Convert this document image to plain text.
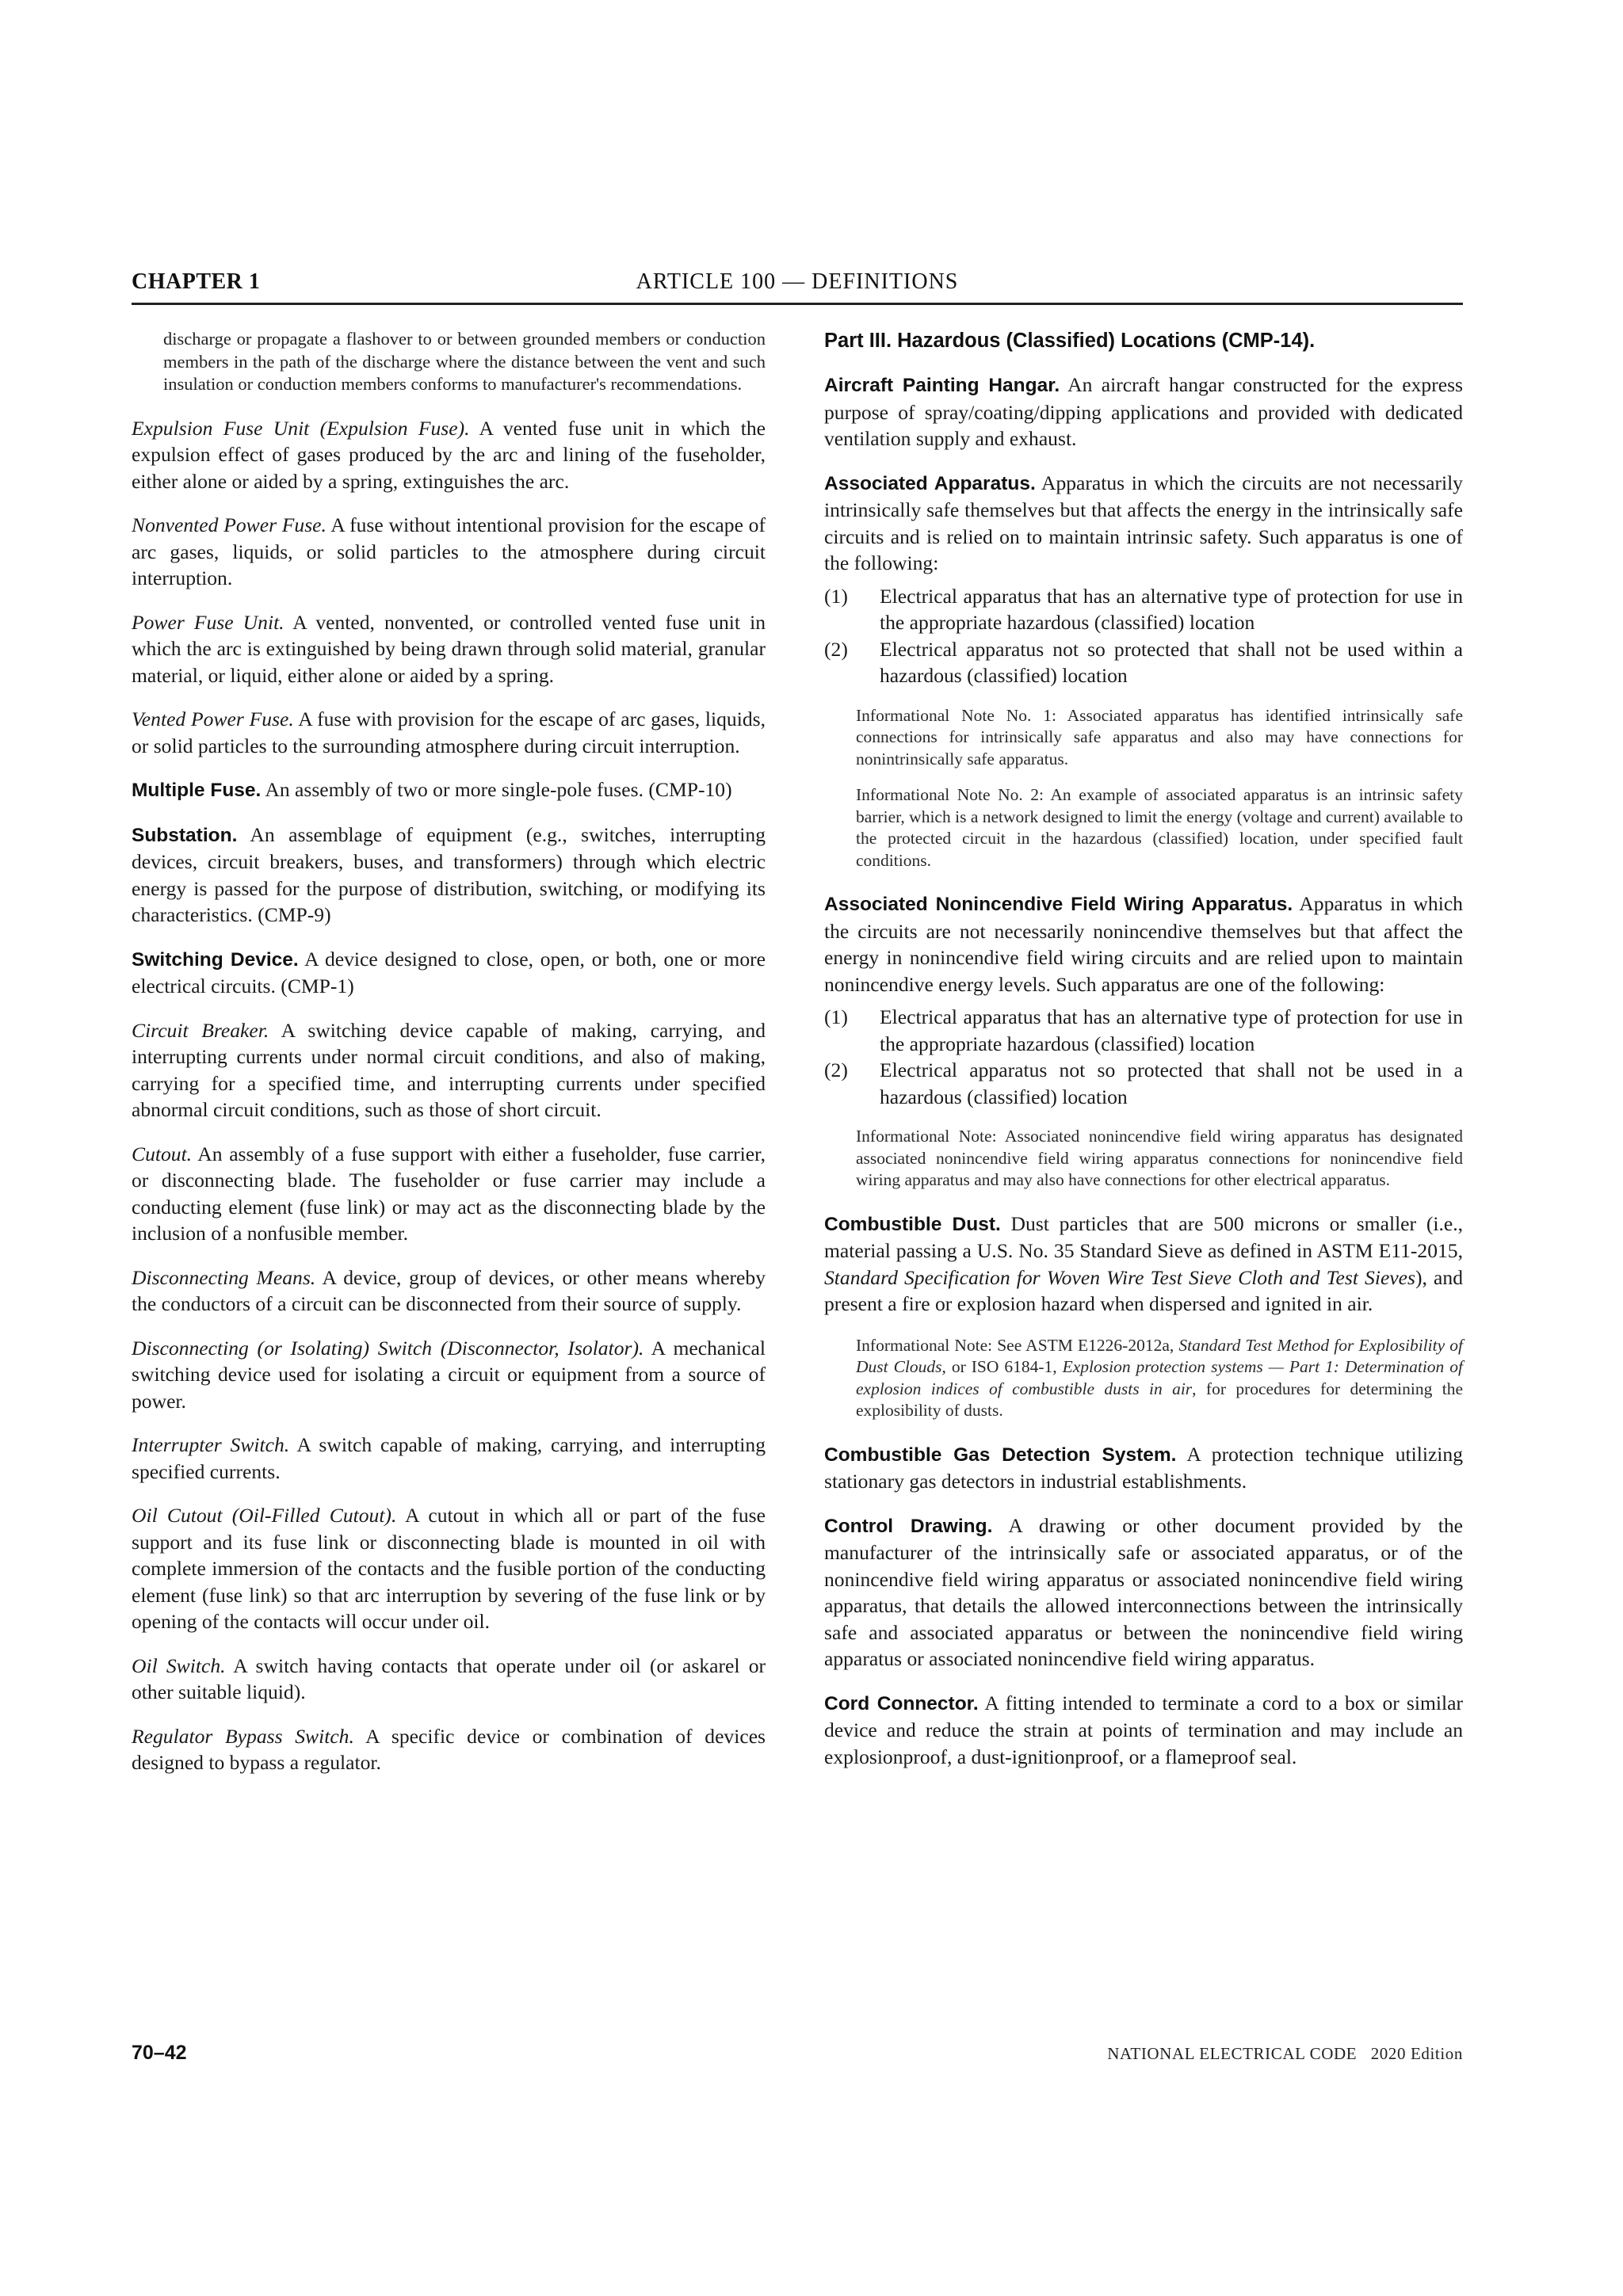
CHAPTER 1	ARTICLE 100 — DEFINITIONS

discharge or propagate a flashover to or between grounded members or conduction members in the path of the discharge where the distance between the vent and such insulation or conduction members conforms to manufacturer's recommendations.

Expulsion Fuse Unit (Expulsion Fuse). A vented fuse unit in which the expulsion effect of gases produced by the arc and lining of the fuseholder, either alone or aided by a spring, extinguishes the arc.

Nonvented Power Fuse. A fuse without intentional provision for the escape of arc gases, liquids, or solid particles to the atmosphere during circuit interruption.

Power Fuse Unit. A vented, nonvented, or controlled vented fuse unit in which the arc is extinguished by being drawn through solid material, granular material, or liquid, either alone or aided by a spring.

Vented Power Fuse. A fuse with provision for the escape of arc gases, liquids, or solid particles to the surrounding atmosphere during circuit interruption.

Multiple Fuse. An assembly of two or more single-pole fuses. (CMP-10)

Substation. An assemblage of equipment (e.g., switches, interrupting devices, circuit breakers, buses, and transformers) through which electric energy is passed for the purpose of distribution, switching, or modifying its characteristics. (CMP-9)

Switching Device. A device designed to close, open, or both, one or more electrical circuits. (CMP-1)

Circuit Breaker. A switching device capable of making, carrying, and interrupting currents under normal circuit conditions, and also of making, carrying for a specified time, and interrupting currents under specified abnormal circuit conditions, such as those of short circuit.

Cutout. An assembly of a fuse support with either a fuseholder, fuse carrier, or disconnecting blade. The fuseholder or fuse carrier may include a conducting element (fuse link) or may act as the disconnecting blade by the inclusion of a nonfusible member.

Disconnecting Means. A device, group of devices, or other means whereby the conductors of a circuit can be disconnected from their source of supply.

Disconnecting (or Isolating) Switch (Disconnector, Isolator). A mechanical switching device used for isolating a circuit or equipment from a source of power.

Interrupter Switch. A switch capable of making, carrying, and interrupting specified currents.

Oil Cutout (Oil-Filled Cutout). A cutout in which all or part of the fuse support and its fuse link or disconnecting blade is mounted in oil with complete immersion of the contacts and the fusible portion of the conducting element (fuse link) so that arc interruption by severing of the fuse link or by opening of the contacts will occur under oil.

Oil Switch. A switch having contacts that operate under oil (or askarel or other suitable liquid).

Regulator Bypass Switch. A specific device or combination of devices designed to bypass a regulator.

Part III. Hazardous (Classified) Locations (CMP-14).

Aircraft Painting Hangar. An aircraft hangar constructed for the express purpose of spray/coating/dipping applications and provided with dedicated ventilation supply and exhaust.

Associated Apparatus. Apparatus in which the circuits are not necessarily intrinsically safe themselves but that affects the energy in the intrinsically safe circuits and is relied on to maintain intrinsic safety. Such apparatus is one of the following:

(1) Electrical apparatus that has an alternative type of protection for use in the appropriate hazardous (classified) location
(2) Electrical apparatus not so protected that shall not be used within a hazardous (classified) location

Informational Note No. 1: Associated apparatus has identified intrinsically safe connections for intrinsically safe apparatus and also may have connections for nonintrinsically safe apparatus.

Informational Note No. 2: An example of associated apparatus is an intrinsic safety barrier, which is a network designed to limit the energy (voltage and current) available to the protected circuit in the hazardous (classified) location, under specified fault conditions.

Associated Nonincendive Field Wiring Apparatus. Apparatus in which the circuits are not necessarily nonincendive themselves but that affect the energy in nonincendive field wiring circuits and are relied upon to maintain nonincendive energy levels. Such apparatus are one of the following:

(1) Electrical apparatus that has an alternative type of protection for use in the appropriate hazardous (classified) location
(2) Electrical apparatus not so protected that shall not be used in a hazardous (classified) location

Informational Note: Associated nonincendive field wiring apparatus has designated associated nonincendive field wiring apparatus connections for nonincendive field wiring apparatus and may also have connections for other electrical apparatus.

Combustible Dust. Dust particles that are 500 microns or smaller (i.e., material passing a U.S. No. 35 Standard Sieve as defined in ASTM E11-2015, Standard Specification for Woven Wire Test Sieve Cloth and Test Sieves), and present a fire or explosion hazard when dispersed and ignited in air.

Informational Note: See ASTM E1226-2012a, Standard Test Method for Explosibility of Dust Clouds, or ISO 6184-1, Explosion protection systems — Part 1: Determination of explosion indices of combustible dusts in air, for procedures for determining the explosibility of dusts.

Combustible Gas Detection System. A protection technique utilizing stationary gas detectors in industrial establishments.

Control Drawing. A drawing or other document provided by the manufacturer of the intrinsically safe or associated apparatus, or of the nonincendive field wiring apparatus or associated nonincendive field wiring apparatus, that details the allowed interconnections between the intrinsically safe and associated apparatus or between the nonincendive field wiring apparatus or associated nonincendive field wiring apparatus.

Cord Connector. A fitting intended to terminate a cord to a box or similar device and reduce the strain at points of termination and may include an explosionproof, a dust-ignitionproof, or a flameproof seal.

70–42	NATIONAL ELECTRICAL CODE   2020 Edition
